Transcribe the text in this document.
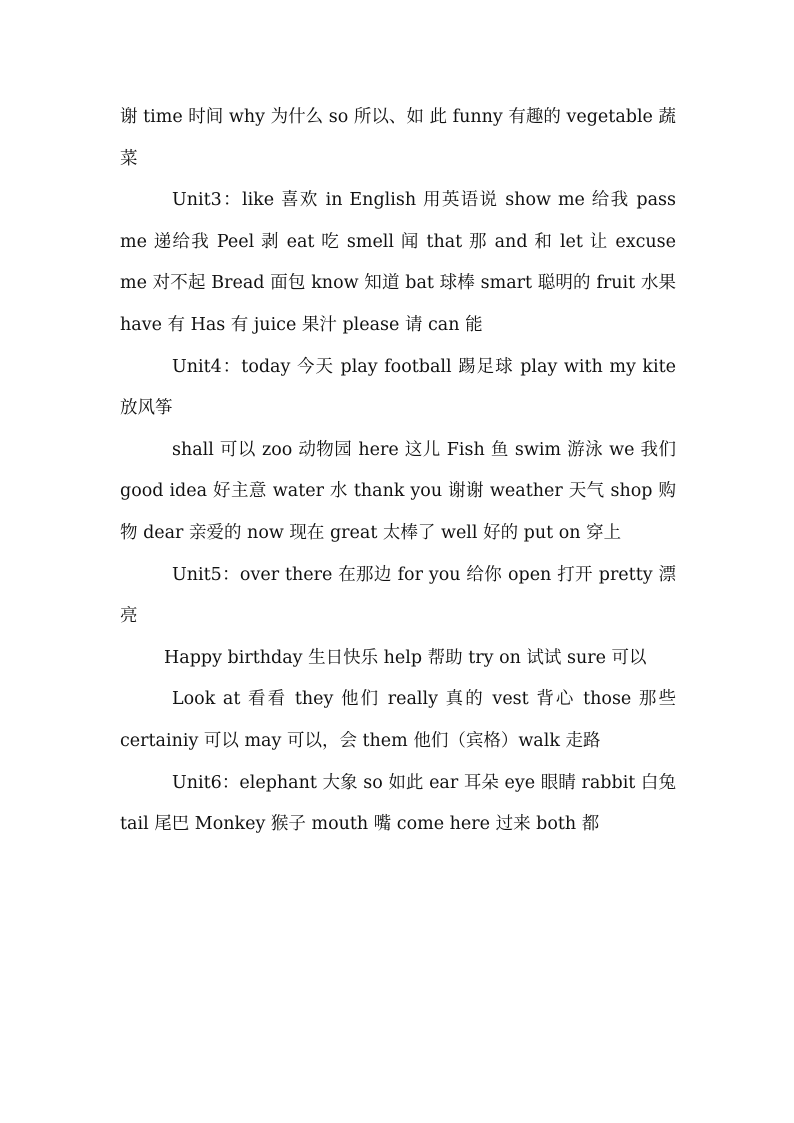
谢 time 时间 why 为什么 so 所以、如 此 funny 有趣的 vegetable 蔬菜

Unit3：like 喜欢 in English 用英语说 show me 给我 pass me 递给我 Peel 剥 eat 吃 smell 闻 that 那 and 和 let 让 excuse me 对不起 Bread 面包 know 知道 bat 球棒 smart 聪明的 fruit 水果 have 有 Has 有 juice 果汁 please 请 can 能

Unit4：today 今天 play football 踢足球 play with my kite 放风筝

shall 可以 zoo 动物园 here 这儿 Fish 鱼 swim 游泳 we 我们 good idea 好主意 water 水 thank you 谢谢 weather 天气 shop 购物 dear 亲爱的 now 现在 great 太棒了 well 好的 put on 穿上

Unit5：over there 在那边 for you 给你 open 打开 pretty 漂亮

Happy birthday 生日快乐 help 帮助 try on 试试 sure 可以

Look at 看看 they 他们 really 真的 vest 背心 those 那些 certainiy 可以 may 可以，会 them 他们（宾格）walk 走路

Unit6：elephant 大象 so 如此 ear 耳朵 eye 眼睛 rabbit 白兔 tail 尾巴 Monkey 猴子 mouth 嘴 come here 过来 both 都
